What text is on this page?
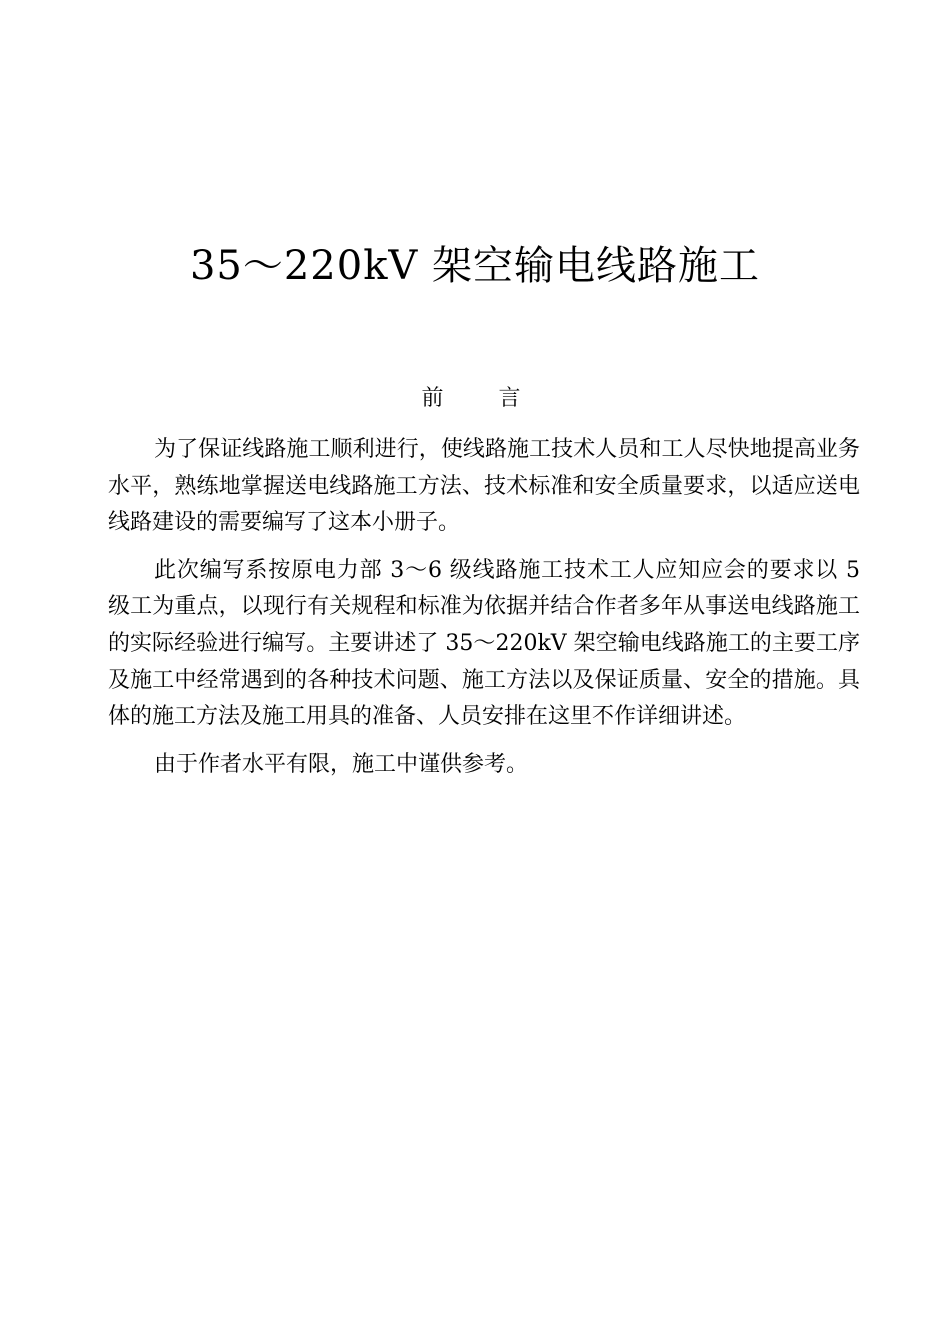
35～220kV 架空输电线路施工
前 言

为了保证线路施工顺利进行，使线路施工技术人员和工人尽快地提高业务水平，熟练地掌握送电线路施工方法、技术标准和安全质量要求，以适应送电线路建设的需要编写了这本小册子。

此次编写系按原电力部 3～6 级线路施工技术工人应知应会的要求以 5 级工为重点，以现行有关规程和标准为依据并结合作者多年从事送电线路施工的实际经验进行编写。主要讲述了 35～220kV 架空输电线路施工的主要工序及施工中经常遇到的各种技术问题、施工方法以及保证质量、安全的措施。具体的施工方法及施工用具的准备、人员安排在这里不作详细讲述。

由于作者水平有限，施工中谨供参考。
